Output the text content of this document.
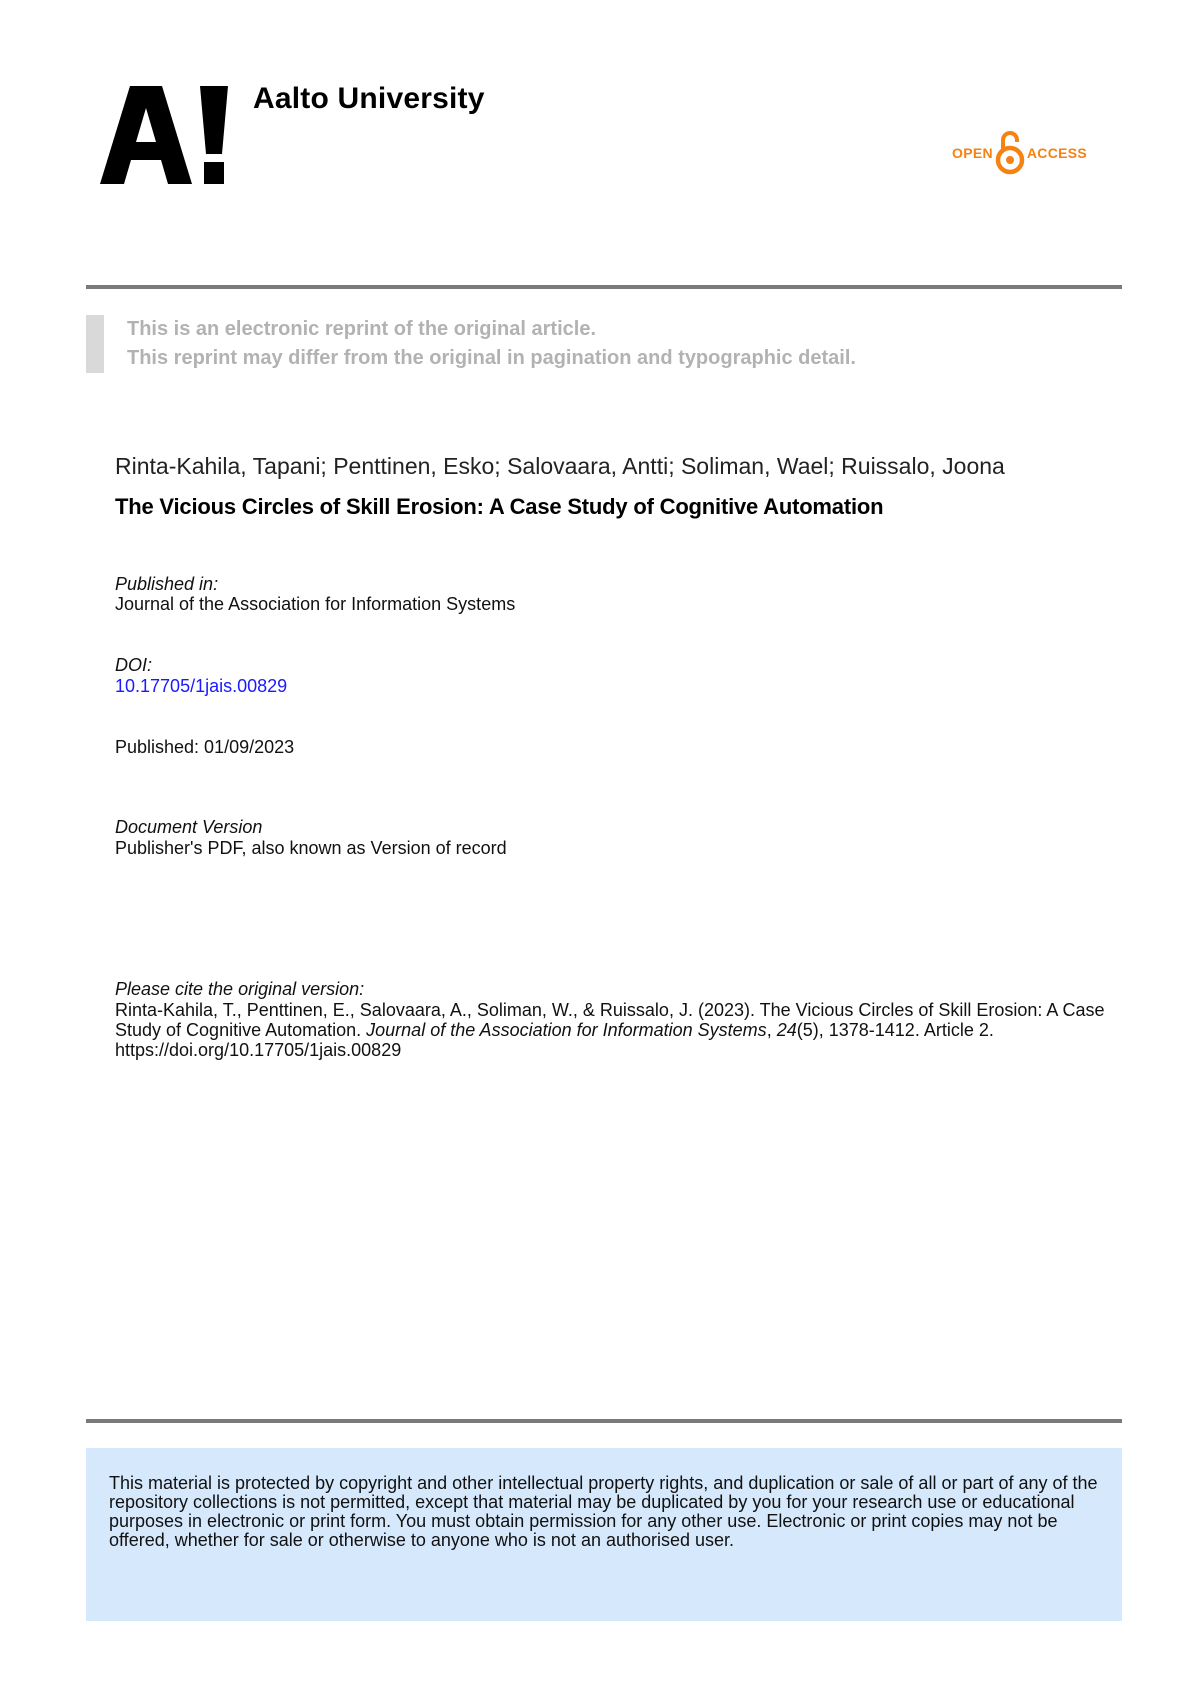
Aalto University
OPEN ACCESS
This is an electronic reprint of the original article.
This reprint may differ from the original in pagination and typographic detail.
Rinta-Kahila, Tapani; Penttinen, Esko; Salovaara, Antti; Soliman, Wael; Ruissalo, Joona
The Vicious Circles of Skill Erosion: A Case Study of Cognitive Automation
Published in:
Journal of the Association for Information Systems
DOI:
10.17705/1jais.00829
Published: 01/09/2023
Document Version
Publisher's PDF, also known as Version of record
Please cite the original version:
Rinta-Kahila, T., Penttinen, E., Salovaara, A., Soliman, W., & Ruissalo, J. (2023). The Vicious Circles of Skill Erosion: A Case Study of Cognitive Automation. Journal of the Association for Information Systems, 24(5), 1378-1412. Article 2. https://doi.org/10.17705/1jais.00829
This material is protected by copyright and other intellectual property rights, and duplication or sale of all or part of any of the repository collections is not permitted, except that material may be duplicated by you for your research use or educational purposes in electronic or print form. You must obtain permission for any other use. Electronic or print copies may not be offered, whether for sale or otherwise to anyone who is not an authorised user.
